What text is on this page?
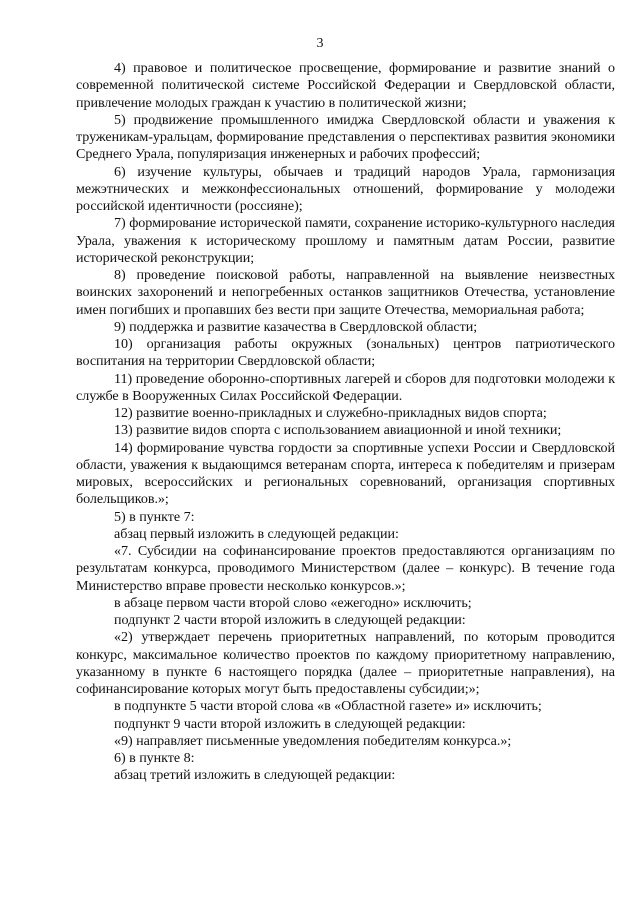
3

4) правовое и политическое просвещение, формирование и развитие знаний о современной политической системе Российской Федерации и Свердловской области, привлечение молодых граждан к участию в политической жизни;

5) продвижение промышленного имиджа Свердловской области и уважения к труженикам-уральцам, формирование представления о перспективах развития экономики Среднего Урала, популяризация инженерных и рабочих профессий;

6) изучение культуры, обычаев и традиций народов Урала, гармонизация межэтнических и межконфессиональных отношений, формирование у молодежи российской идентичности (россияне);

7) формирование исторической памяти, сохранение историко-культурного наследия Урала, уважения к историческому прошлому и памятным датам России, развитие исторической реконструкции;

8) проведение поисковой работы, направленной на выявление неизвестных воинских захоронений и непогребенных останков защитников Отечества, установление имен погибших и пропавших без вести при защите Отечества, мемориальная работа;

9) поддержка и развитие казачества в Свердловской области;

10) организация работы окружных (зональных) центров патриотического воспитания на территории Свердловской области;

11) проведение оборонно-спортивных лагерей и сборов для подготовки молодежи к службе в Вооруженных Силах Российской Федерации.

12) развитие военно-прикладных и служебно-прикладных видов спорта;

13) развитие видов спорта с использованием авиационной и иной техники;

14) формирование чувства гордости за спортивные успехи России и Свердловской области, уважения к выдающимся ветеранам спорта, интереса к победителям и призерам мировых, всероссийских и региональных соревнований, организация спортивных болельщиков.»;

5) в пункте 7:

абзац первый изложить в следующей редакции:

«7. Субсидии на софинансирование проектов предоставляются организациям по результатам конкурса, проводимого Министерством (далее – конкурс). В течение года Министерство вправе провести несколько конкурсов.»;

в абзаце первом части второй слово «ежегодно» исключить;

подпункт 2 части второй изложить в следующей редакции:

«2) утверждает перечень приоритетных направлений, по которым проводится конкурс, максимальное количество проектов по каждому приоритетному направлению, указанному в пункте 6 настоящего порядка (далее – приоритетные направления), на софинансирование которых могут быть предоставлены субсидии;»;

в подпункте 5 части второй слова «в «Областной газете» и» исключить;

подпункт 9 части второй изложить в следующей редакции:

«9) направляет письменные уведомления победителям конкурса.»;

6) в пункте 8:

абзац третий изложить в следующей редакции:
